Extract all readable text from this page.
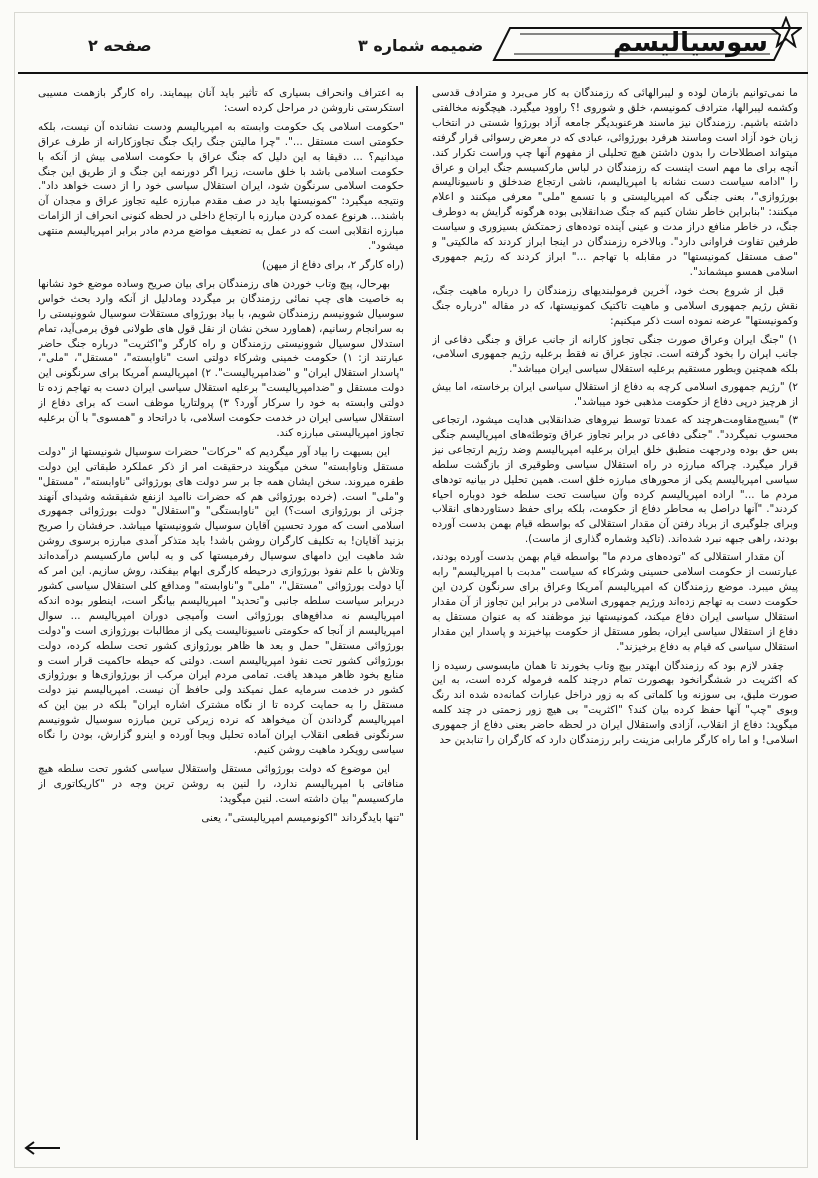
سوسیالیسم
ضمیمه شماره ۳
صفحه ۲

ما نمی‌توانیم بازمان لوده و لیبرالهائی که رزمندگان به کار می‌برد و متراد‌ف قدسی وکشمه لیبرالها، مترادف کمونیسم، خلق و شوروی !؟ راوود میگیرد. هیچگونه مخالفتی داشته باشیم. رزمندگان نیز ماسند هرعنوبدیگر جامعه آزاد بورژوا شستی در انتخاب زبان خود آزاد است وماسند هرفرد بورژوائی، عبادی که در معرض رسوائی قرار گرفته میتواند اصطلاحات را بدون داشتن هیچ تحلیلی از مفهوم آنها چپ وراست تکرار کند. آنچه برای ما مهم است اینست که رزمندگان در لباس مارکسیسم جنگ ایران و عراق را "ادامه سیاست دست نشانه با امپریالیسم، ناشی ارتجاع ضدخلق و ناسیونالیسم بورژوازی"، بعنی جنگی که امپریالیستی و با تسمع "ملی" معرفی میکنند و اعلام میکنند: "بنابراین خاطر نشان کنیم که جنگ ضدانقلابی بوده هرگونه گرایش به دوطرف جنگ، در خاطر منافع دراز مدت و عینی آینده توده‌های زحمتکش بسیزوری و سیاست طرفین تفاوت فراوانی دارد". وبالاخره رزمندگان در اینجا ابراز کردند که مالکیتی" و "صف مستقل کمونیستها" در مقابله با تهاجم ..." ابراز کردند که رژیم جمهوری اسلامی همسو میشماند".

قبل از شروع بحث خود، آخرین فرمولبندیهای رزمندگان را درباره ماهیت جنگ، نقش رژیم جمهوری اسلامی و ماهیت تاکتیک کمونیستها، که در مقاله "درباره جنگ وکمونیستها" عرضه نموده است ذکر میکنیم:

۱) "جنگ ایران وعراق صورت جنگی تجاوز کارانه از جانب عراق و جنگی دفاعی از جانب ایران را بخود گرفته است. تجاوز عراق نه فقط برعلیه رژیم جمهوری اسلامی، بلکه همچنین وبطور مستقیم برعلیه استقلال سیاسی ایران میباشد".

۲) "رژیم جمهوری اسلامی کرچه به دفاع از استقلال سیاسی ایران برخاسته، اما بیش از هرچیز درپی دفاع از حکومت مذهبی خود میباشد".

۳) "بسیج‌مقاومت‌هرچند که عمدتا توسط نیروهای ضدانقلابی هدایت میشود، ارتجاعی محسوب نمیگردد". "جنگی دفاعی در برابر تجاوز عراق وتوطئه‌های امپریالیسم جنگی بس حق بوده ودرجهت منطبق خلق ایران برعلیه امپریالیسم وضد رژیم ارتجاعی نیز قرار میگیرد. چراکه مبارزه در راه استقلال سیاسی وطوقیری از بازگشت سلطه سیاسی امپریالیسم یکی از محورهای مبارزه خلق است. همین تحلیل در بیانیه تودهای مردم ما ..." اراده امپریالیسم کرده وآن سیاست تحت سلطه خود دوباره احیاء کردند". "آنها دراصل به محاطر دفاع از حکومت، بلکه برای حفظ دستاوردهای انقلاب وبرای جلوگیری از برباد رفتن آن مقدار استقلالی که بواسطه قیام بهمن بدست آورده بودند، راهی جبهه نبرد شده‌اند. (تاکید وشماره گذاری از ماست).

آن مقدار استقلالی که "توده‌های مردم ما" بواسطه قیام بهمن بدست آورده بودند، عبارتست از حکومت اسلامی حسینی وشرکاء که سیاست "مدبت با امپریالیسم" رابه پیش میبرد. موضع رزمندگان که امپریالیسم آمریکا وعراق برای سرنگون کردن این حکومت دست به تهاجم زده‌اند ورژیم جمهوری اسلامی در برابر این تجاوز از آن مقدار استقلال سیاسی ایران دفاع میکند، کمونیستها نیز موظفند که به عنوان مستقل به دفاع از استقلال سیاسی ایران، بطور مستقل از حکومت بپاخیزند و پاسدار این مقدار استقلال سیاسی که قیام به دفاع برخیزند".

چقدر لازم بود که رزمندگان ابهتدر بیچ وتاب بخورند تا همان مابسوسی رسیده زا که اکثریت در ششگرانخود بهصورت تمام درچند کلمه فرموله کرده است، به این صورت ملیق، بی سوزنه وبا کلماتی که به زور دراخل عبارات کمانه‌ده شده اند رنگ وبوی "چپ" آنها حفظ کرده بیان کند؟ "اکثریت" بی هیچ زور زحمتی در چند کلمه میگوید: دفاع از انقلاب، آزادی واستقلال ایران در لحظه حاضر بعنی دفاع از جمهوری اسلامی! و اما راه کارگر مارابی مزینت رابر رزمندگان دارد که کارگران را تنابدین حد

به اعتراف وانحراف بسیاری که تأثیر باید آنان بپیمایند. راه کارگر بازهمت مسیبی استکرستی ناروشن در مراحل کرده است:

"حکومت اسلامی یک حکومت وابسته به امپریالیسم ودست نشانده آن نیست، بلکه حکومتی است مستقل ...". "چرا مالیتن جنگ رایک جنگ تجاوزکارانه از طرف عراق میدانیم؟ ... دقیقا به این دلیل که جنگ عراق با حکومت اسلامی بیش از آنکه با حکومت اسلامی باشد با خلق ماست، زیرا اگر دورنمه این جنگ و از طریق این جنگ حکومت اسلامی سرنگون شود، ایران استقلال سیاسی خود را از دست خواهد داد". ونتیجه میگیرد: "کمونیستها باید در صف مقدم مبارزه علیه تجاوز عراق و مجدان آن باشند... هرنوع عمده کردن مبارزه با ارتجاع داخلی در لحظه کنونی انحراف از الزامات مبارزه انقلابی است که در عمل به تضعیف مواضع مردم مادر برابر امپریالیسم منتهی میشود".

(راه کارگر ۲، برای دفاع از میهن)

بهرحال، پیچ وتاب خوردن های رزمندگان برای بیان صریح وساده موضع خود نشانها به خاصیت های چپ نمائی رزمندگان بر میگردد ومادلیل از آنکه وارد بحث خواس سوسیال شوونیسم رزمندگان شویم، با بیاد بورژوای مستقلات سوسیال شوونیستی را به سرانجام رسانیم، (هماورد سخن نشان از نقل قول های طولانی فوق برمی‌آید، تمام استدلال سوسیال شوونیستی رزمندگان و راه کارگر و"اکثریت" درباره جنگ حاضر عبارتند از: ۱) حکومت خمینی وشرکاء دولتی است "ناوابسته"، "مستقل"، "ملی"، "پاسدار استقلال ایران" و "ضدامپریالیست". ۲) امپریالیسم آمریکا برای سرنگونی این دولت مستقل و "ضدامپریالیست" برعلیه استقلال سیاسی ایران دست به تهاجم زده تا دولتی وابسته به خود را سرکار آورد؟ ۳) پرولتاریا موظف است که برای دفاع از استقلال سیاسی ایران در خدمت حکومت اسلامی، با دراتحاد و "همسوی" با آن برعلیه تجاوز امپریالیستی مبارزه کند.

این بسیهت را بیاد آور میگردیم که "حرکات" حضرات سوسیال شونیستها از "دولت مستقل وناوابسته" سخن میگویند درحقیقت امر از ذکر عملکرد طبقاتی این دولت طفره میروند. سخن ایشان همه جا بر سر دولت های بورژوائی "ناوابسته"، "مستقل" و"ملی" است. (خرده بورژوائی هم که حضرات ناامید ازنفع شفیقشه وشیدای آنهند جزئی از بورژوازی است؟) این "ناوابستگی" و"استقلال" دولت بورژوائی جمهوری اسلامی است که مورد تحسین آقایان سوسیال شوونیستها میباشد. حرفشان را صریح بزنید آقایان! به تکلیف کارگران روشن باشد! باید متذکر آمدی مبارزه برسوی روشن شد ماهیت این دامهای سوسیال رفرمیستها کی و به لباس مارکسیسم درآمده‌اند وتلاش با علم نفوذ بورژوازی درحیطه کارگری ابهام بیفکند، روش سازیم. این امر که آیا دولت بورژوائی "مستقل"، "ملی" و"ناوابسته" ومدافع کلی استقلال سیاسی کشور دربرابر سیاست سلطه جانبی و"تحدید" امپریالیسم بیانگر است، اینطور بوده اندکه امپریالیسم نه مدافع‌های بورژوائی است وآمیجی دوران امپریالیسم ... سوال امپریالیسم از آنجا که حکومتی ناسیونالیست یکی از مطالبات بورژوازی است و"دولت بورژوائی مستقل" حمل و بعد ها ظاهر بورژوازی کشور تحت سلطه کرده، دولت بورژوائی کشور تحت نفوذ امپریالیسم است. دولتی که حیطه حاکمیت قرار است و منابع بخود ظاهر میدهد یافت. تمامی مردم ایران مرکب از بورژوازی‌ها و بورژوازی کشور در خدمت سرمایه عمل نمیکند ولی حافظ آن نیست. امپریالیسم نیز دولت مستقل را به حمایت کرده تا از نگاه مشترک اشاره ایران" بلکه در بین این که امپریالیسم گرداندن آن میخواهد که نرده زیرکی ترین مبارزه سوسیال شوونیسم سرنگونی قطعی انقلاب ایران آماده تحلیل وبجا آورده و اینرو گزارش، بودن را نگاه سیاسی رویکرد ماهیت روشن کنیم.

این موضوع که دولت بورژوائی مستقل واستقلال سیاسی کشور تحت سلطه هیچ منافاتی با امپریالیسم ندارد، را لنین به روشن ترین وجه در "کاریکاتوری از مارکسیسم" بیان داشته است. لنین میگوید:

"تنها بایدگرداند "اکونومیسم امپریالیستی"، یعنی
